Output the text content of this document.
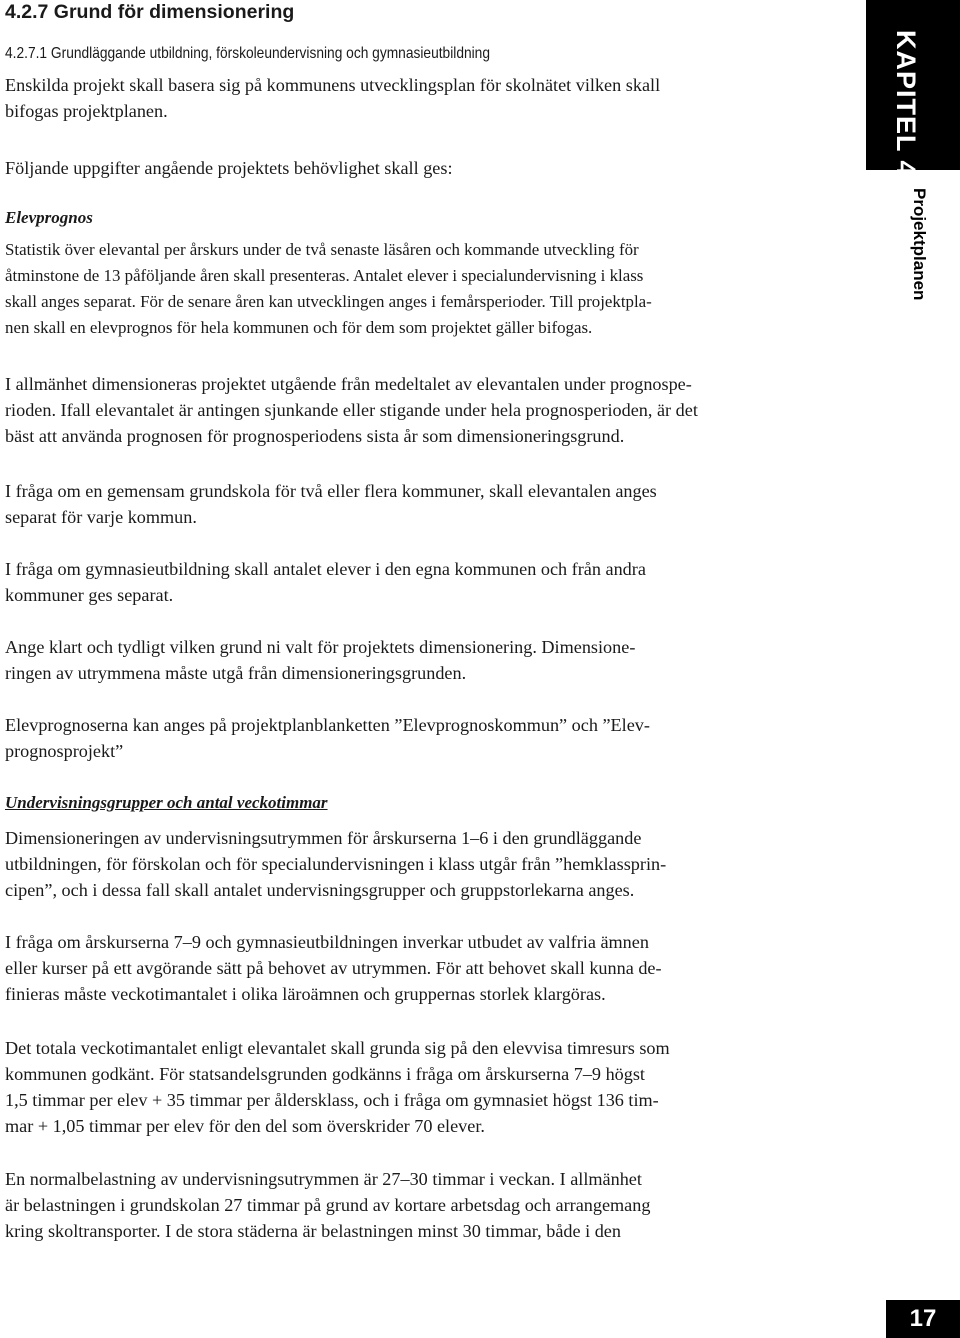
4.2.7 Grund för dimensionering
4.2.7.1 Grundläggande utbildning, förskoleundervisning och gymnasieutbildning	KAPITEL 4.
Projektplanen
Enskilda projekt skall basera sig på kommunens utvecklingsplan för skolnätet vilken skall
bifogas projektplanen.
Följande uppgifter angående projektets behövlighet skall ges:
Elevprognos
Statistik över elevantal per årskurs under de två senaste läsåren och kommande utveckling för
åtminstone de 13 påföljande åren skall presenteras. Antalet elever i specialundervisning i klass
skall anges separat. För de senare åren kan utvecklingen anges i femårsperioder. Till projektpla-
nen skall en elevprognos för hela kommunen och för dem som projektet gäller bifogas.
I allmänhet dimensioneras projektet utgående från medeltalet av elevantalen under prognospe-
rioden. Ifall elevantalet är antingen sjunkande eller stigande under hela prognosperioden, är det
bäst att använda prognosen för prognosperiodens sista år som dimensioneringsgrund.
I fråga om en gemensam grundskola för två eller flera kommuner, skall elevantalen anges
separat för varje kommun.
I fråga om gymnasieutbildning skall antalet elever i den egna kommunen och från andra
kommuner ges separat.
Ange klart och tydligt vilken grund ni valt för projektets dimensionering. Dimensione-
ringen av utrymmena måste utgå från dimensioneringsgrunden.
Elevprognoserna kan anges på projektplanblanketten ”Elevprognoskommun” och ”Elev-
prognosprojekt”
Undervisningsgrupper och antal veckotimmar
Dimensioneringen av undervisningsutrymmen för årskurserna 1–6 i den grundläggande
utbildningen, för förskolan och för specialundervisningen i klass utgår från ”hemklassprin-
cipen”, och i dessa fall skall antalet undervisningsgrupper och gruppstorlekarna anges.
I fråga om årskurserna 7–9 och gymnasieutbildningen inverkar utbudet av valfria ämnen
eller kurser på ett avgörande sätt på behovet av utrymmen. För att behovet skall kunna de-
finieras måste veckotimantalet i olika läroämnen och gruppernas storlek klargöras.
Det totala veckotimantalet enligt elevantalet skall grunda sig på den elevvisa timresurs som
kommunen godkänt. För statsandelsgrunden godkänns i fråga om årskurserna 7–9 högst
1,5 timmar per elev + 35 timmar per åldersklass, och i fråga om gymnasiet högst 136 tim-
mar + 1,05 timmar per elev för den del som överskrider 70 elever.
En normalbelastning av undervisningsutrymmen är 27–30 timmar i veckan. I allmänhet
är belastningen i grundskolan 27 timmar på grund av kortare arbetsdag och arrangemang
kring skoltransporter. I de stora städerna är belastningen minst 30 timmar, både i den
17
